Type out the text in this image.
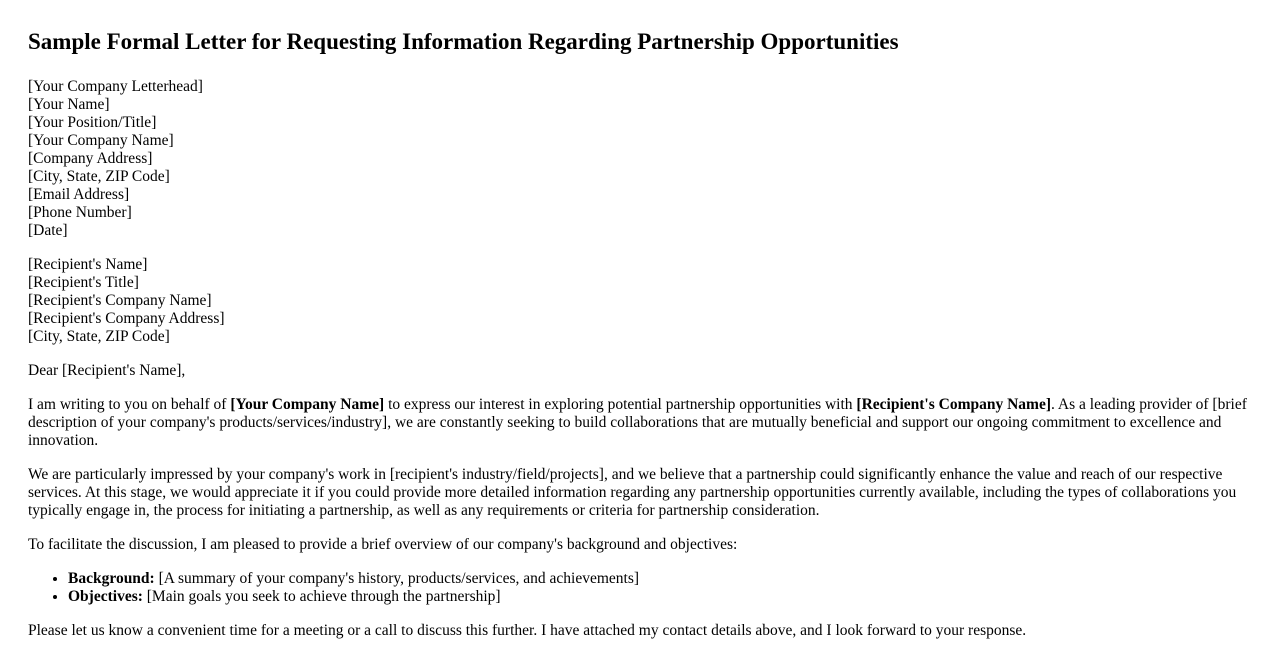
Sample Formal Letter for Requesting Information Regarding Partnership Opportunities
[Your Company Letterhead]
[Your Name]
[Your Position/Title]
[Your Company Name]
[Company Address]
[City, State, ZIP Code]
[Email Address]
[Phone Number]
[Date]
[Recipient's Name]
[Recipient's Title]
[Recipient's Company Name]
[Recipient's Company Address]
[City, State, ZIP Code]

Dear [Recipient's Name],

I am writing to you on behalf of [Your Company Name] to express our interest in exploring potential partnership opportunities with [Recipient's Company Name]. As a leading provider of [brief description of your company's products/services/industry], we are constantly seeking to build collaborations that are mutually beneficial and support our ongoing commitment to excellence and innovation.

We are particularly impressed by your company's work in [recipient's industry/field/projects], and we believe that a partnership could significantly enhance the value and reach of our respective services. At this stage, we would appreciate it if you could provide more detailed information regarding any partnership opportunities currently available, including the types of collaborations you typically engage in, the process for initiating a partnership, as well as any requirements or criteria for partnership consideration.

To facilitate the discussion, I am pleased to provide a brief overview of our company's background and objectives:

• Background: [A summary of your company's history, products/services, and achievements]
• Objectives: [Main goals you seek to achieve through the partnership]

Please let us know a convenient time for a meeting or a call to discuss this further. I have attached my contact details above, and I look forward to your response.
